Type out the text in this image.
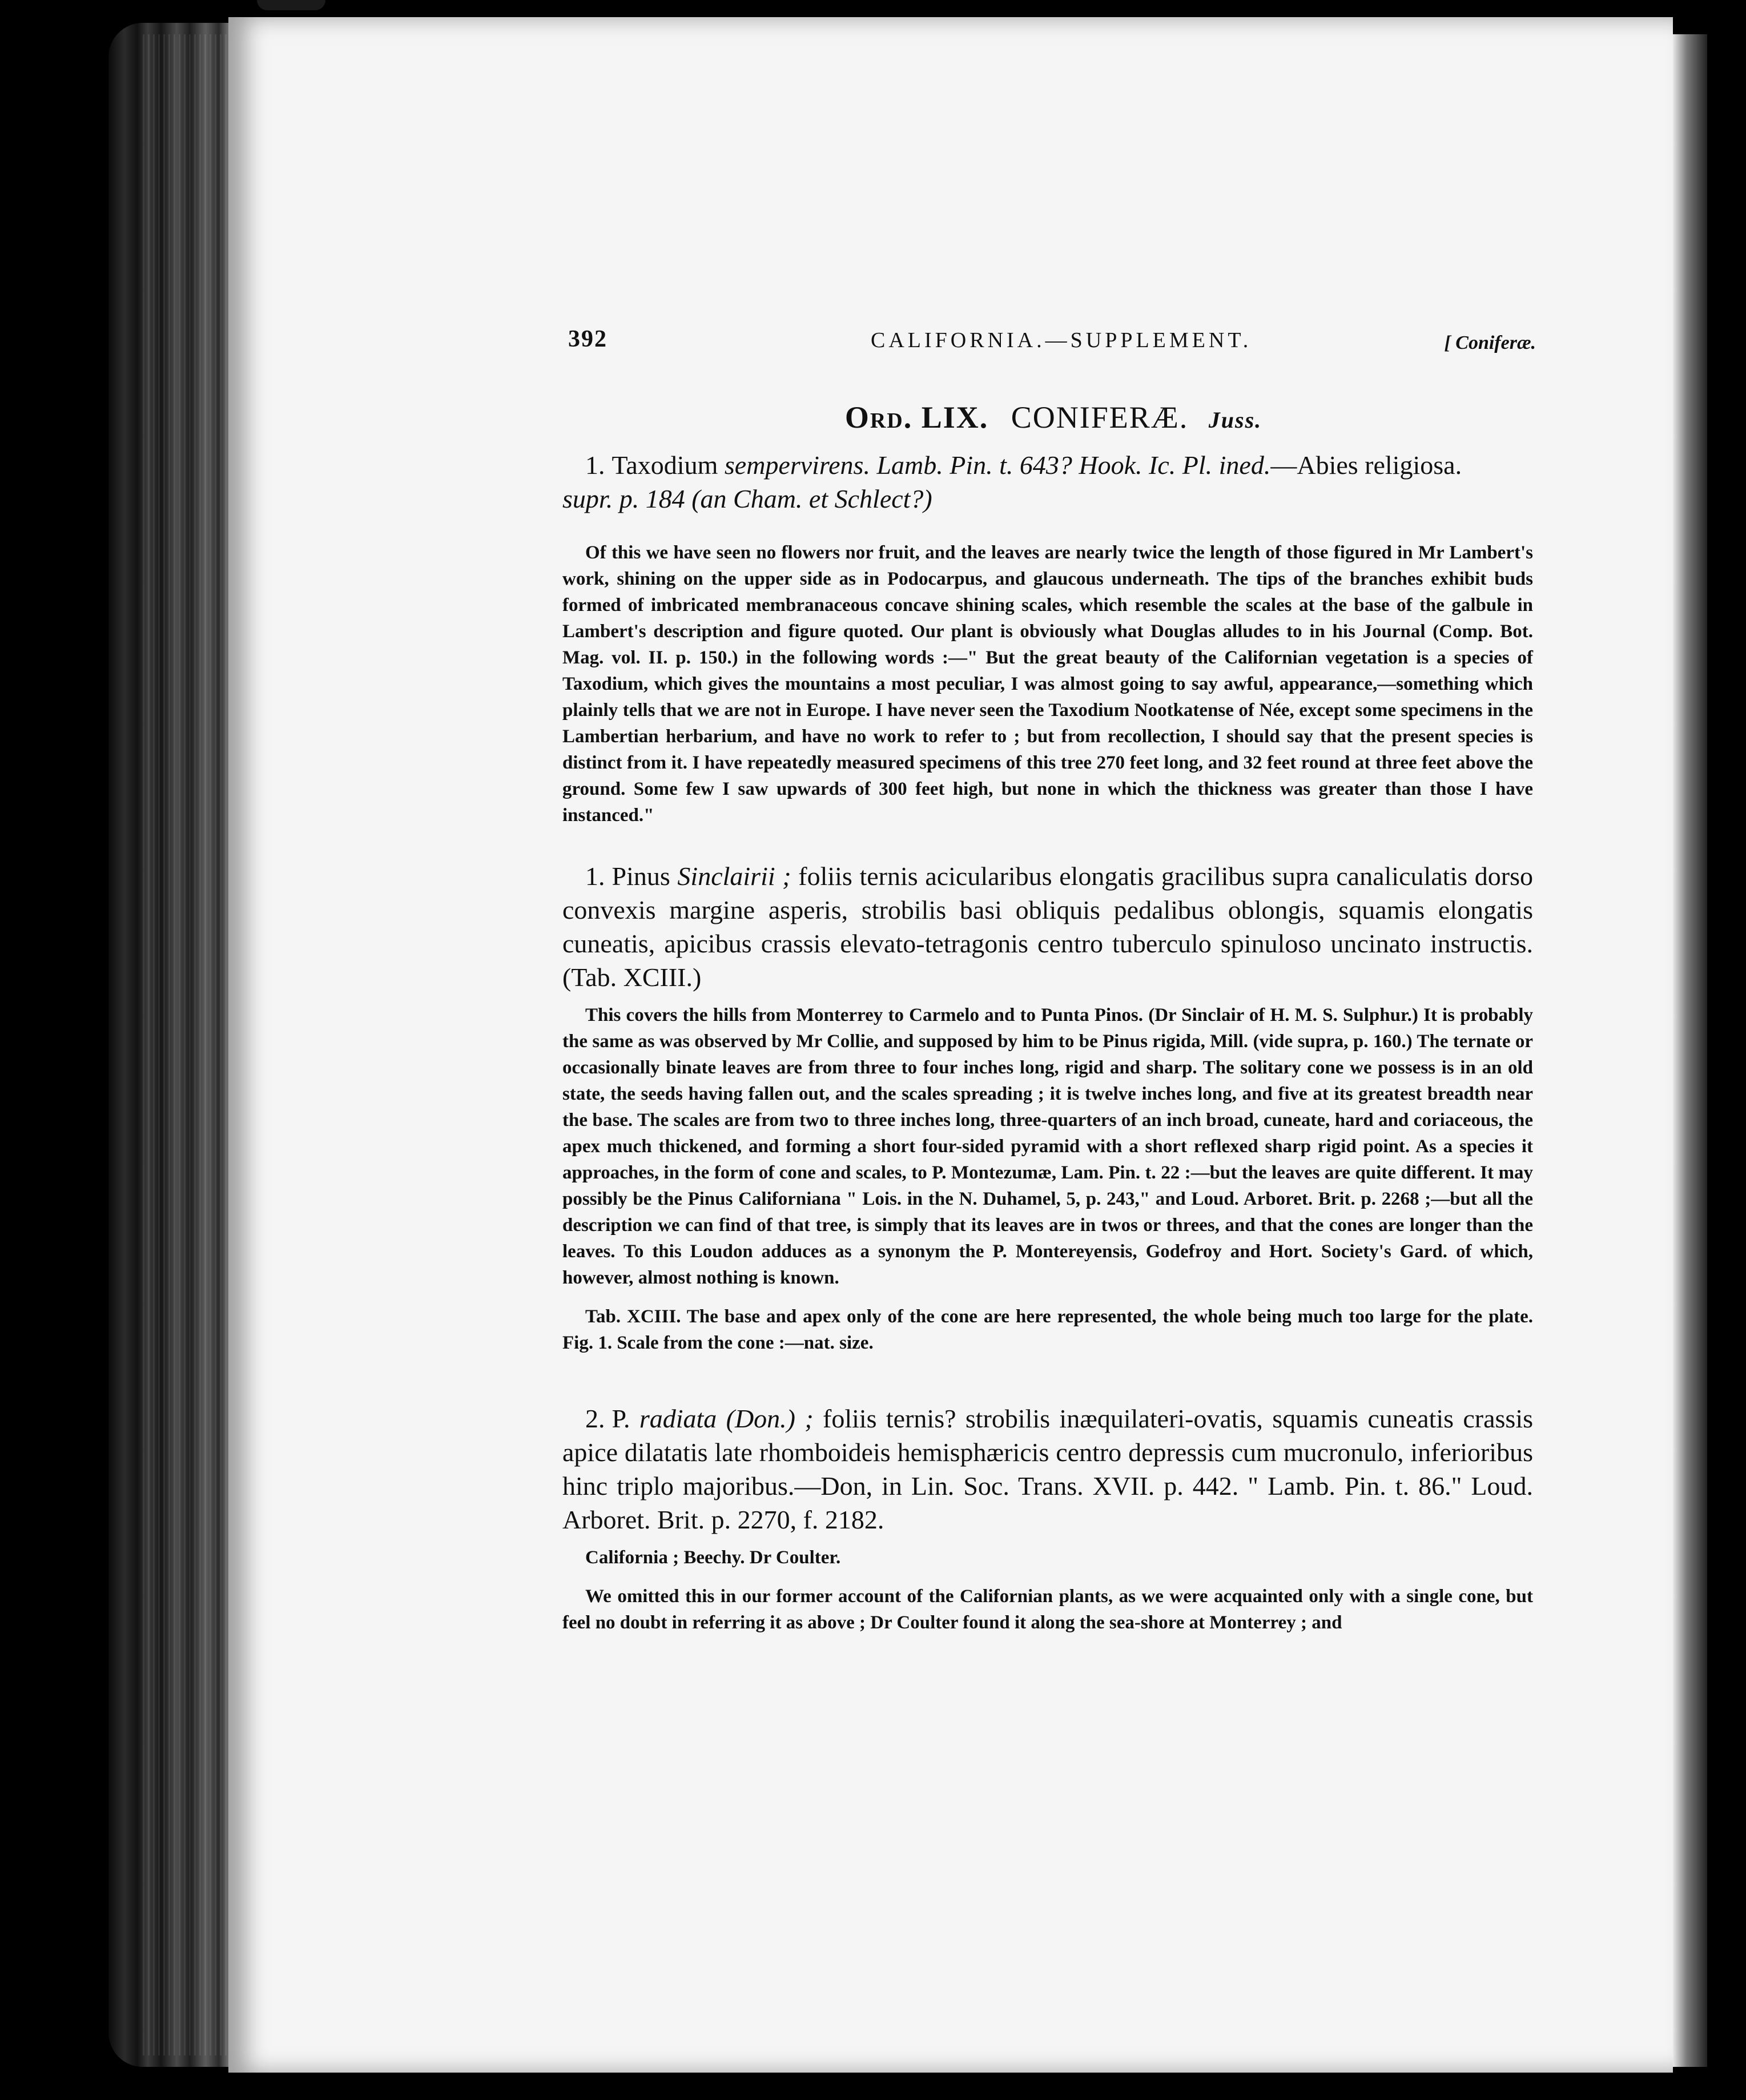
392	CALIFORNIA.—SUPPLEMENT.	[ Coniferæ.
Ord. LIX. CONIFERÆ. Juss.
1. Taxodium sempervirens. Lamb. Pin. t. 643? Hook. Ic. Pl. ined.—Abies religiosa.
supr. p. 184 (an Cham. et Schlect?)
Of this we have seen no flowers nor fruit, and the leaves are nearly twice the length of those figured in Mr Lambert's work, shining on the upper side as in Podocarpus, and glaucous underneath. The tips of the branches exhibit buds formed of imbricated membranaceous concave shining scales, which resemble the scales at the base of the galbule in Lambert's description and figure quoted. Our plant is obviously what Douglas alludes to in his Journal (Comp. Bot. Mag. vol. II. p. 150.) in the following words :—" But the great beauty of the Californian vegetation is a species of Taxodium, which gives the mountains a most peculiar, I was almost going to say awful, appearance,—something which plainly tells that we are not in Europe. I have never seen the Taxodium Nootkatense of Née, except some specimens in the Lambertian herbarium, and have no work to refer to ; but from recollection, I should say that the present species is distinct from it. I have repeatedly measured specimens of this tree 270 feet long, and 32 feet round at three feet above the ground. Some few I saw upwards of 300 feet high, but none in which the thickness was greater than those I have instanced."
1. Pinus Sinclairii ; foliis ternis acicularibus elongatis gracilibus supra canaliculatis dorso convexis margine asperis, strobilis basi obliquis pedalibus oblongis, squamis elongatis cuneatis, apicibus crassis elevato-tetragonis centro tuberculo spinuloso uncinato instructis. (Tab. XCIII.)
This covers the hills from Monterrey to Carmelo and to Punta Pinos. (Dr Sinclair of H. M. S. Sulphur.) It is probably the same as was observed by Mr Collie, and supposed by him to be Pinus rigida, Mill. (vide supra, p. 160.) The ternate or occasionally binate leaves are from three to four inches long, rigid and sharp. The solitary cone we possess is in an old state, the seeds having fallen out, and the scales spreading ; it is twelve inches long, and five at its greatest breadth near the base. The scales are from two to three inches long, three-quarters of an inch broad, cuneate, hard and coriaceous, the apex much thickened, and forming a short four-sided pyramid with a short reflexed sharp rigid point. As a species it approaches, in the form of cone and scales, to P. Montezumæ, Lam. Pin. t. 22 :—but the leaves are quite different. It may possibly be the Pinus Californiana " Lois. in the N. Duhamel, 5, p. 243," and Loud. Arboret. Brit. p. 2268 ;—but all the description we can find of that tree, is simply that its leaves are in twos or threes, and that the cones are longer than the leaves. To this Loudon adduces as a synonym the P. Montereyensis, Godefroy and Hort. Society's Gard. of which, however, almost nothing is known.
Tab. XCIII. The base and apex only of the cone are here represented, the whole being much too large for the plate. Fig. 1. Scale from the cone :—nat. size.
2. P. radiata (Don.) ; foliis ternis? strobilis inæquilateri-ovatis, squamis cuneatis crassis apice dilatatis late rhomboideis hemisphæricis centro depressis cum mucronulo, inferioribus hinc triplo majoribus.—Don, in Lin. Soc. Trans. XVII. p. 442. " Lamb. Pin. t. 86." Loud. Arboret. Brit. p. 2270, f. 2182.
California ; Beechy. Dr Coulter.
We omitted this in our former account of the Californian plants, as we were acquainted only with a single cone, but feel no doubt in referring it as above ; Dr Coulter found it along the sea-shore at Monterrey ; and
